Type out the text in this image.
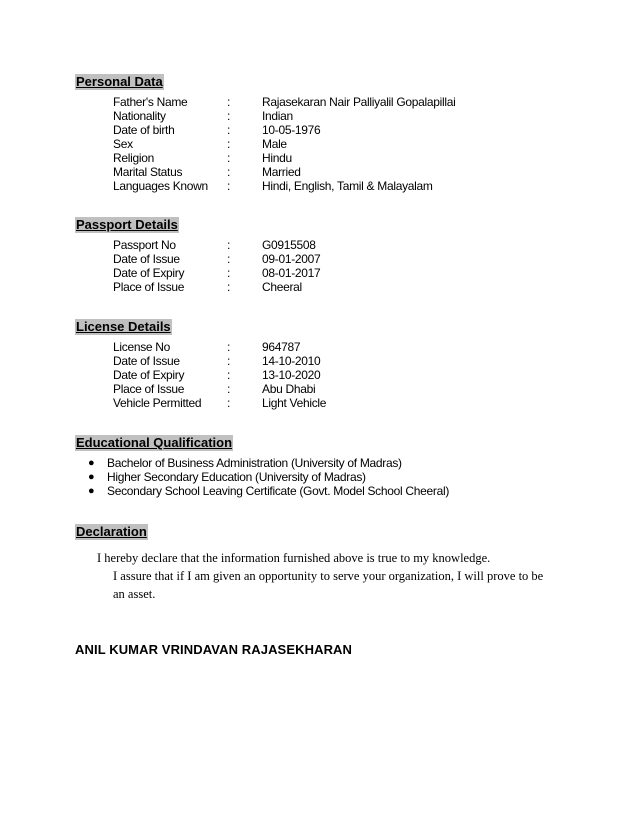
Personal Data
Father's Name	:	Rajasekaran Nair Palliyalil Gopalapillai
Nationality	:	Indian
Date of birth	:	10-05-1976
Sex	:	Male
Religion	:	Hindu
Marital Status	:	Married
Languages Known :	Hindi, English, Tamil & Malayalam
Passport Details
Passport No	:	G0915508
Date of Issue	:	09-01-2007
Date of Expiry	:	08-01-2017
Place of Issue	:	Cheeral
License Details
License No	:	964787
Date of Issue	:	14-10-2010
Date of Expiry	:	13-10-2020
Place of Issue	:	Abu Dhabi
Vehicle Permitted :	Light Vehicle
Educational Qualification
● Bachelor of Business Administration (University of Madras)
● Higher Secondary Education (University of Madras)
● Secondary School Leaving Certificate (Govt. Model School Cheeral)
Declaration
I hereby declare that the information furnished above is true to my knowledge.
I assure that if I am given an opportunity to serve your organization, I will prove to be
an asset.
ANIL KUMAR VRINDAVAN RAJASEKHARAN
